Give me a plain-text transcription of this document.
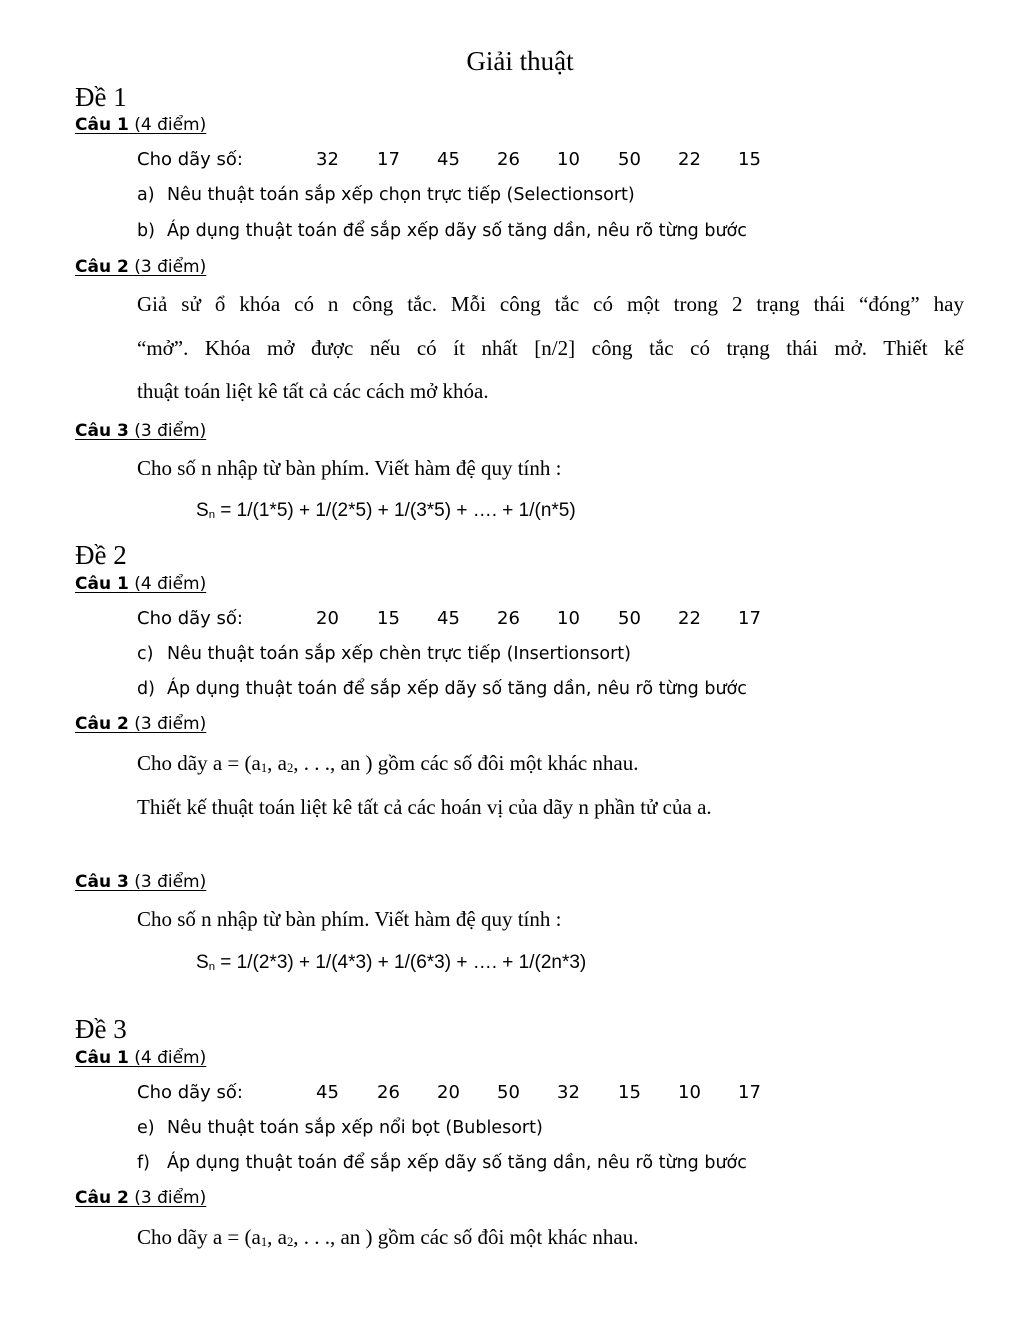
Giải thuật
Đề 1
Câu 1 (4 điểm)
Cho dãy số:	32 17 45 26 10 50 22 15
a) Nêu thuật toán sắp xếp chọn trực tiếp (Selectionsort)
b) Áp dụng thuật toán để sắp xếp dãy số tăng dần, nêu rõ từng bước
Câu 2 (3 điểm)
Giả sử ổ khóa có n công tắc. Mỗi công tắc có một trong 2 trạng thái “đóng” hay
“mở”. Khóa mở được nếu có ít nhất [n/2] công tắc có trạng thái mở. Thiết kế
thuật toán liệt kê tất cả các cách mở khóa.
Câu 3 (3 điểm)
Cho số n nhập từ bàn phím. Viết hàm đệ quy tính :
Sn = 1/(1*5) + 1/(2*5) + 1/(3*5) + …. + 1/(n*5)
Đề 2
Câu 1 (4 điểm)
Cho dãy số:	20 15 45 26 10 50 22 17
c) Nêu thuật toán sắp xếp chèn trực tiếp (Insertionsort)
d) Áp dụng thuật toán để sắp xếp dãy số tăng dần, nêu rõ từng bước
Câu 2 (3 điểm)
Cho dãy $a = (a_1$, $a_2$, . . ., an ) gồm các số đôi một khác nhau.
Thiết kế thuật toán liệt kê tất cả các hoán vị của dãy n phần tử của a.
Câu 3 (3 điểm)
Cho số n nhập từ bàn phím. Viết hàm đệ quy tính :
Sn = 1/(2*3) + 1/(4*3) + 1/(6*3) + …. + 1/(2n*3)
Đề 3
Câu 1 (4 điểm)
Cho dãy số:	45 26 20 50 32 15 10 17
e) Nêu thuật toán sắp xếp nổi bọt (Bublesort)
f) Áp dụng thuật toán để sắp xếp dãy số tăng dần, nêu rõ từng bước
Câu 2 (3 điểm)
Cho dãy $a = (a_1$, $a_2$, . . ., an ) gồm các số đôi một khác nhau.
